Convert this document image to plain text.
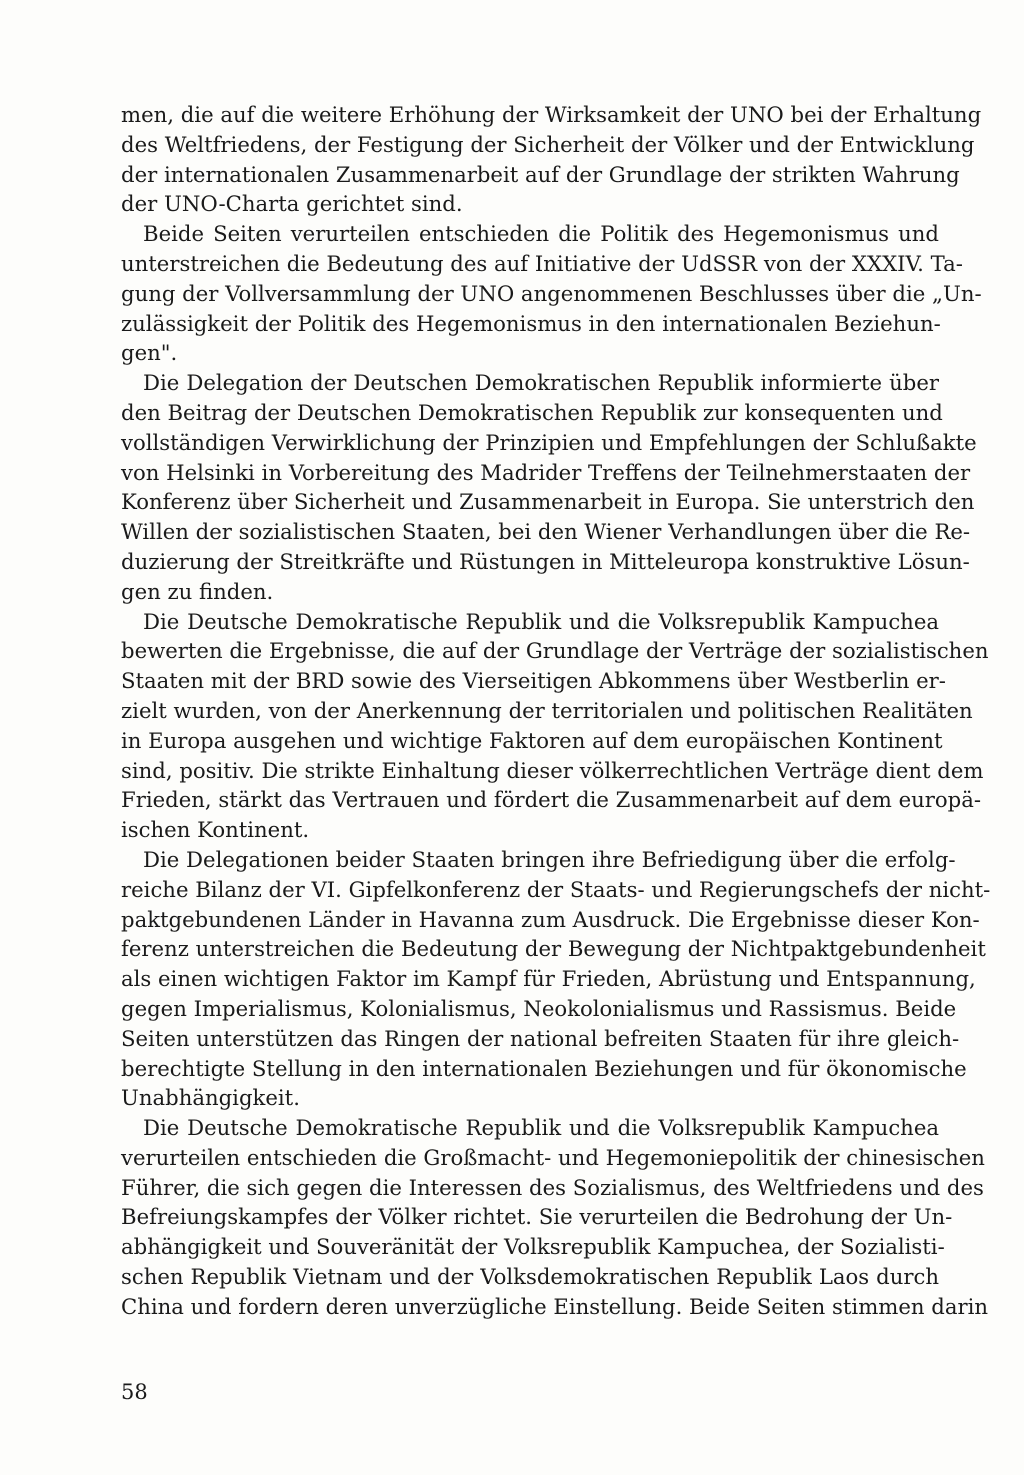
men, die auf die weitere Erhöhung der Wirksamkeit der UNO bei der Erhaltung
des Weltfriedens, der Festigung der Sicherheit der Völker und der Entwicklung
der internationalen Zusammenarbeit auf der Grundlage der strikten Wahrung
der UNO-Charta gerichtet sind.
Beide Seiten verurteilen entschieden die Politik des Hegemonismus und
unterstreichen die Bedeutung des auf Initiative der UdSSR von der XXXIV. Ta-
gung der Vollversammlung der UNO angenommenen Beschlusses über die „Un-
zulässigkeit der Politik des Hegemonismus in den internationalen Beziehun-
gen".
Die Delegation der Deutschen Demokratischen Republik informierte über
den Beitrag der Deutschen Demokratischen Republik zur konsequenten und
vollständigen Verwirklichung der Prinzipien und Empfehlungen der Schlußakte
von Helsinki in Vorbereitung des Madrider Treffens der Teilnehmerstaaten der
Konferenz über Sicherheit und Zusammenarbeit in Europa. Sie unterstrich den
Willen der sozialistischen Staaten, bei den Wiener Verhandlungen über die Re-
duzierung der Streitkräfte und Rüstungen in Mitteleuropa konstruktive Lösun-
gen zu finden.
Die Deutsche Demokratische Republik und die Volksrepublik Kampuchea
bewerten die Ergebnisse, die auf der Grundlage der Verträge der sozialistischen
Staaten mit der BRD sowie des Vierseitigen Abkommens über Westberlin er-
zielt wurden, von der Anerkennung der territorialen und politischen Realitäten
in Europa ausgehen und wichtige Faktoren auf dem europäischen Kontinent
sind, positiv. Die strikte Einhaltung dieser völkerrechtlichen Verträge dient dem
Frieden, stärkt das Vertrauen und fördert die Zusammenarbeit auf dem europä-
ischen Kontinent.
Die Delegationen beider Staaten bringen ihre Befriedigung über die erfolg-
reiche Bilanz der VI. Gipfelkonferenz der Staats- und Regierungschefs der nicht-
paktgebundenen Länder in Havanna zum Ausdruck. Die Ergebnisse dieser Kon-
ferenz unterstreichen die Bedeutung der Bewegung der Nichtpaktgebundenheit
als einen wichtigen Faktor im Kampf für Frieden, Abrüstung und Entspannung,
gegen Imperialismus, Kolonialismus, Neokolonialismus und Rassismus. Beide
Seiten unterstützen das Ringen der national befreiten Staaten für ihre gleich-
berechtigte Stellung in den internationalen Beziehungen und für ökonomische
Unabhängigkeit.
Die Deutsche Demokratische Republik und die Volksrepublik Kampuchea
verurteilen entschieden die Großmacht- und Hegemoniepolitik der chinesischen
Führer, die sich gegen die Interessen des Sozialismus, des Weltfriedens und des
Befreiungskampfes der Völker richtet. Sie verurteilen die Bedrohung der Un-
abhängigkeit und Souveränität der Volksrepublik Kampuchea, der Sozialisti-
schen Republik Vietnam und der Volksdemokratischen Republik Laos durch
China und fordern deren unverzügliche Einstellung. Beide Seiten stimmen darin
58
